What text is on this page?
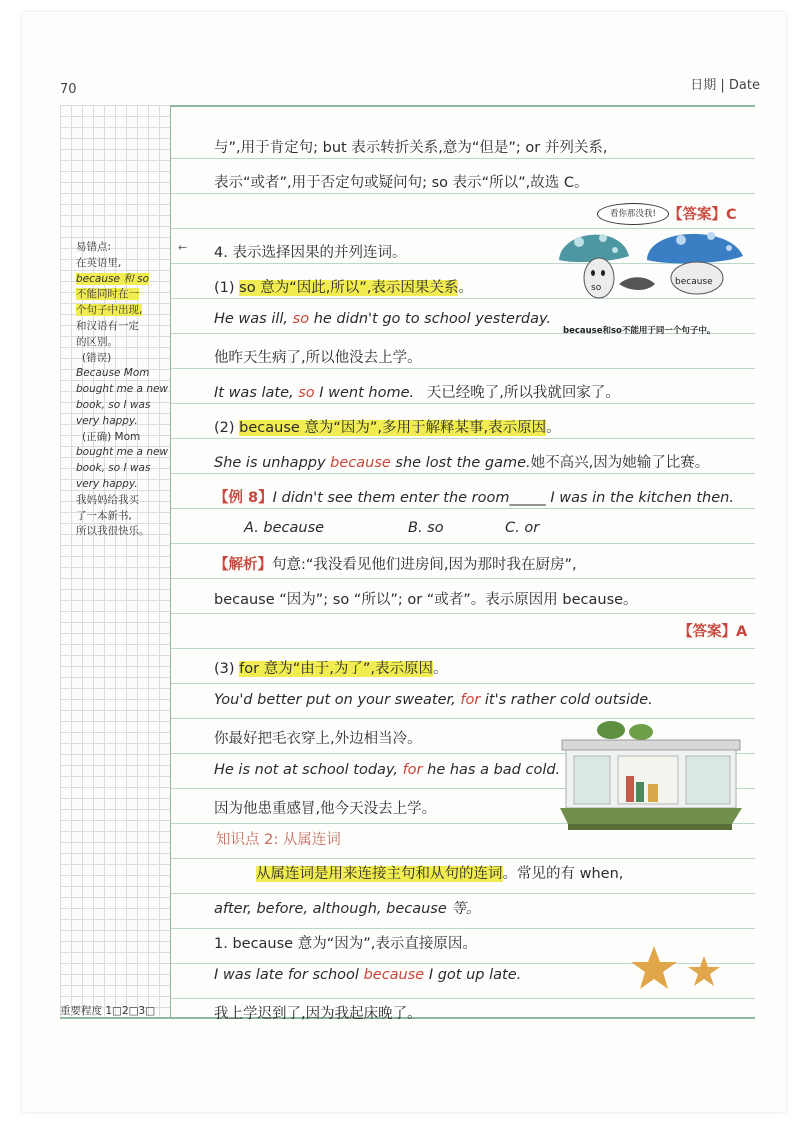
70	日期 | Date
←
易错点:
在英语里,
because 和 so
不能同时在一
个句子中出现,
和汉语有一定
的区别。
(错误)
Because Mom
bought me a new
book, so I was
very happy.
(正确) Mom
bought me a new
book, so I was
very happy.
我妈妈给我买
了一本新书,
所以我很快乐。
重要程度 1□2□3□
与”,用于肯定句; but 表示转折关系,意为“但是”; or 并列关系,
表示“或者”,用于否定句或疑问句; so 表示“所以”,故选 C。
看你那没我! 【答案】C
4. 表示选择因果的并列连词。
(1) so 意为“因此,所以”,表示因果关系。	so
because
He was ill, so he didn't go to school yesterday.
because和so不能用于同一个句子中。
他昨天生病了,所以他没去上学。
It was late, so I went home. 天已经晚了,所以我就回家了。
(2) because 意为“因为”,多用于解释某事,表示原因。
She is unhappy because she lost the game.她不高兴,因为她输了比赛。
【例 8】I didn't see them enter the room_____ I was in the kitchen then.
A. because	B. so	C. or
【解析】句意:“我没看见他们进房间,因为那时我在厨房”,
because “因为”; so “所以”; or “或者”。表示原因用 because。
【答案】A
(3) for 意为“由于,为了”,表示原因。
You'd better put on your sweater, for it's rather cold outside.
你最好把毛衣穿上,外边相当冷。
He is not at school today, for he has a bad cold.
因为他患重感冒,他今天没去上学。
知识点 2: 从属连词
从属连词是用来连接主句和从句的连词。常见的有 when,
after, before, although, because 等。
1. because 意为“因为”,表示直接原因。
I was late for school because I got up late.
我上学迟到了,因为我起床晚了。
